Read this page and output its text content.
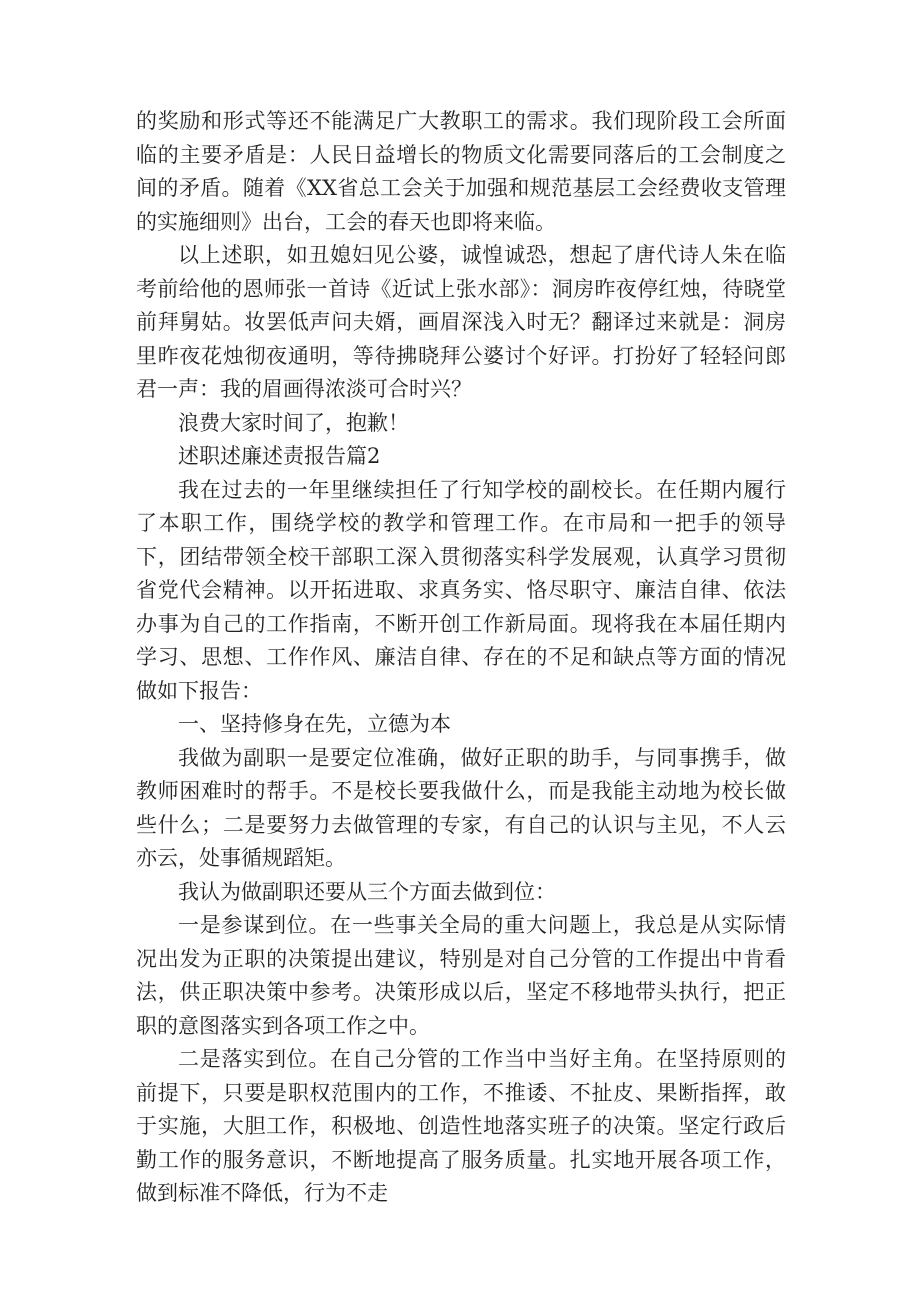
的奖励和形式等还不能满足广大教职工的需求。我们现阶段工会所面临的主要矛盾是：人民日益增长的物质文化需要同落后的工会制度之间的矛盾。随着《XX省总工会关于加强和规范基层工会经费收支管理的实施细则》出台，工会的春天也即将来临。

以上述职，如丑媳妇见公婆，诚惶诚恐，想起了唐代诗人朱在临考前给他的恩师张一首诗《近试上张水部》：洞房昨夜停红烛，待晓堂前拜舅姑。妆罢低声问夫婿，画眉深浅入时无？翻译过来就是：洞房里昨夜花烛彻夜通明，等待拂晓拜公婆讨个好评。打扮好了轻轻问郎君一声：我的眉画得浓淡可合时兴？

浪费大家时间了，抱歉！

述职述廉述责报告篇2

我在过去的一年里继续担任了行知学校的副校长。在任期内履行了本职工作，围绕学校的教学和管理工作。在市局和一把手的领导下，团结带领全校干部职工深入贯彻落实科学发展观，认真学习贯彻省党代会精神。以开拓进取、求真务实、恪尽职守、廉洁自律、依法办事为自己的工作指南，不断开创工作新局面。现将我在本届任期内学习、思想、工作作风、廉洁自律、存在的不足和缺点等方面的情况做如下报告：

一、坚持修身在先，立德为本

我做为副职一是要定位准确，做好正职的助手，与同事携手，做教师困难时的帮手。不是校长要我做什么，而是我能主动地为校长做些什么；二是要努力去做管理的专家，有自己的认识与主见，不人云亦云，处事循规蹈矩。

我认为做副职还要从三个方面去做到位：

一是参谋到位。在一些事关全局的重大问题上，我总是从实际情况出发为正职的决策提出建议，特别是对自己分管的工作提出中肯看法，供正职决策中参考。决策形成以后，坚定不移地带头执行，把正职的意图落实到各项工作之中。

二是落实到位。在自己分管的工作当中当好主角。在坚持原则的前提下，只要是职权范围内的工作，不推诿、不扯皮、果断指挥，敢于实施，大胆工作，积极地、创造性地落实班子的决策。坚定行政后勤工作的服务意识，不断地提高了服务质量。扎实地开展各项工作，做到标准不降低，行为不走
